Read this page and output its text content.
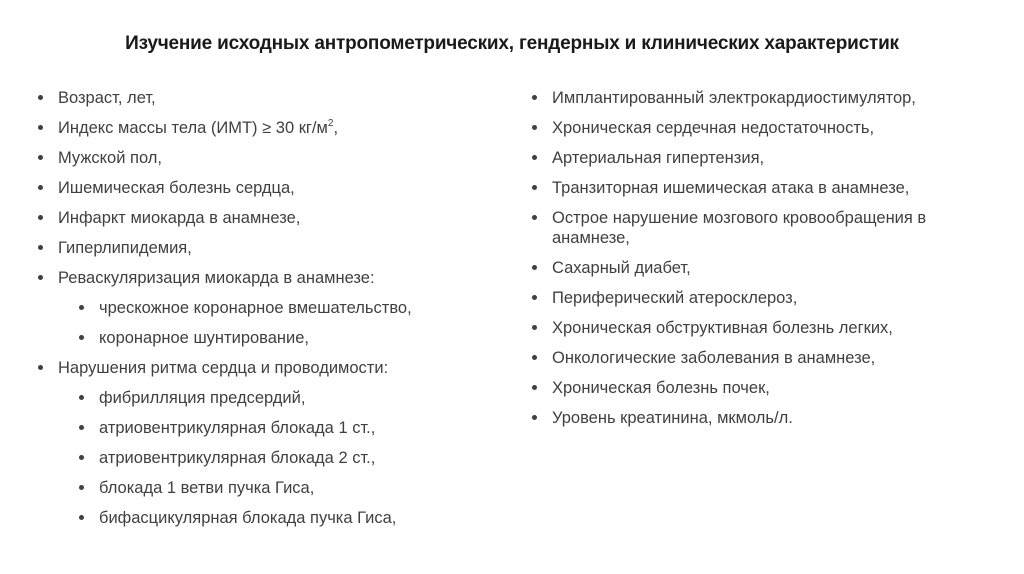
Изучение исходных антропометрических, гендерных и клинических характеристик
Возраст, лет,
Индекс массы тела (ИМТ) ≥ 30 $кг/м^2$,
Мужской пол,
Ишемическая болезнь сердца,
Инфаркт миокарда в анамнезе,
Гиперлипидемия,
Реваскуляризация миокарда в анамнезе:
чрескожное коронарное вмешательство,
коронарное шунтирование,
Нарушения ритма сердца и проводимости:
фибрилляция предсердий,
атриовентрикулярная блокада 1 ст.,
атриовентрикулярная блокада 2 ст.,
блокада 1 ветви пучка Гиса,
бифасцикулярная блокада пучка Гиса,
Имплантированный электрокардиостимулятор,
Хроническая сердечная недостаточность,
Артериальная гипертензия,
Транзиторная ишемическая атака в анамнезе,
Острое нарушение мозгового кровообращения в анамнезе,
Сахарный диабет,
Периферический атеросклероз,
Хроническая обструктивная болезнь легких,
Онкологические заболевания в анамнезе,
Хроническая болезнь почек,
Уровень креатинина, мкмоль/л.
